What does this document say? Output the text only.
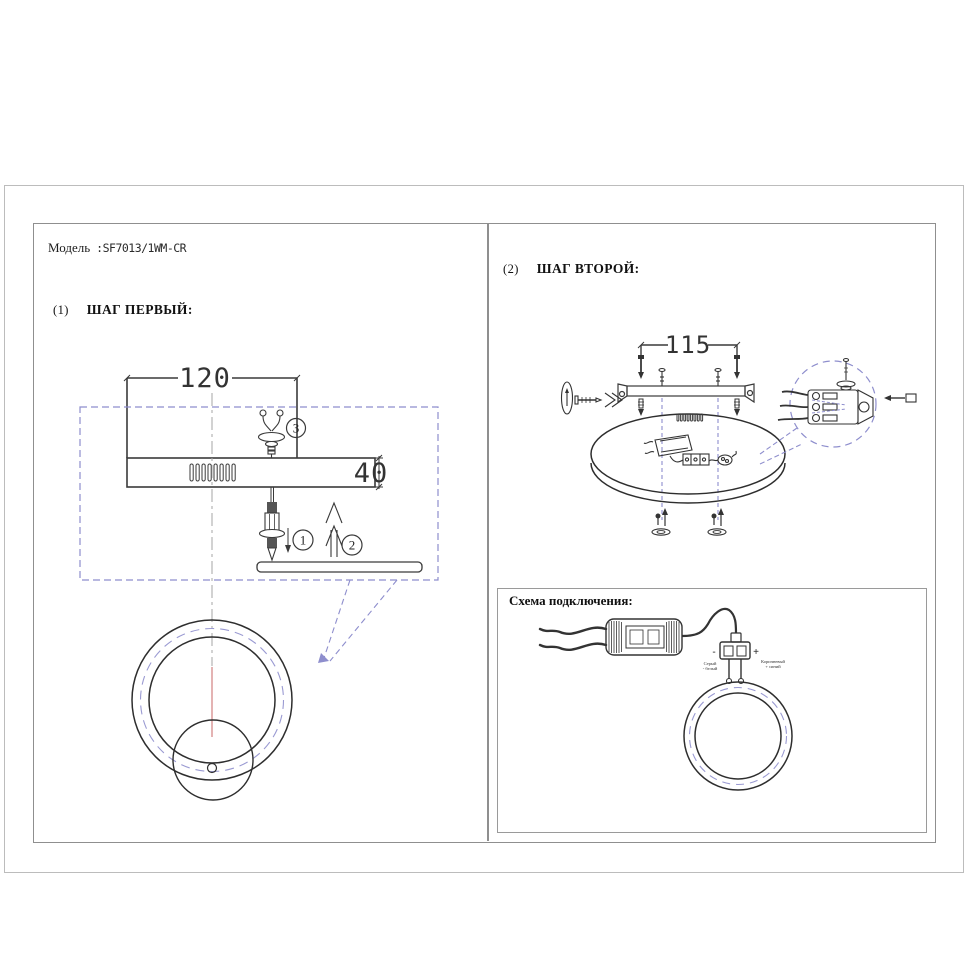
Модель :SF7013/1WM-CR
(1) ШАГ ПЕРВЫЙ:
120
40
3
1	2
(2) ШАГ ВТОРОЙ:
115
Схема подключения:
-	+
Серый
- белый
Коричневый
+ синий
